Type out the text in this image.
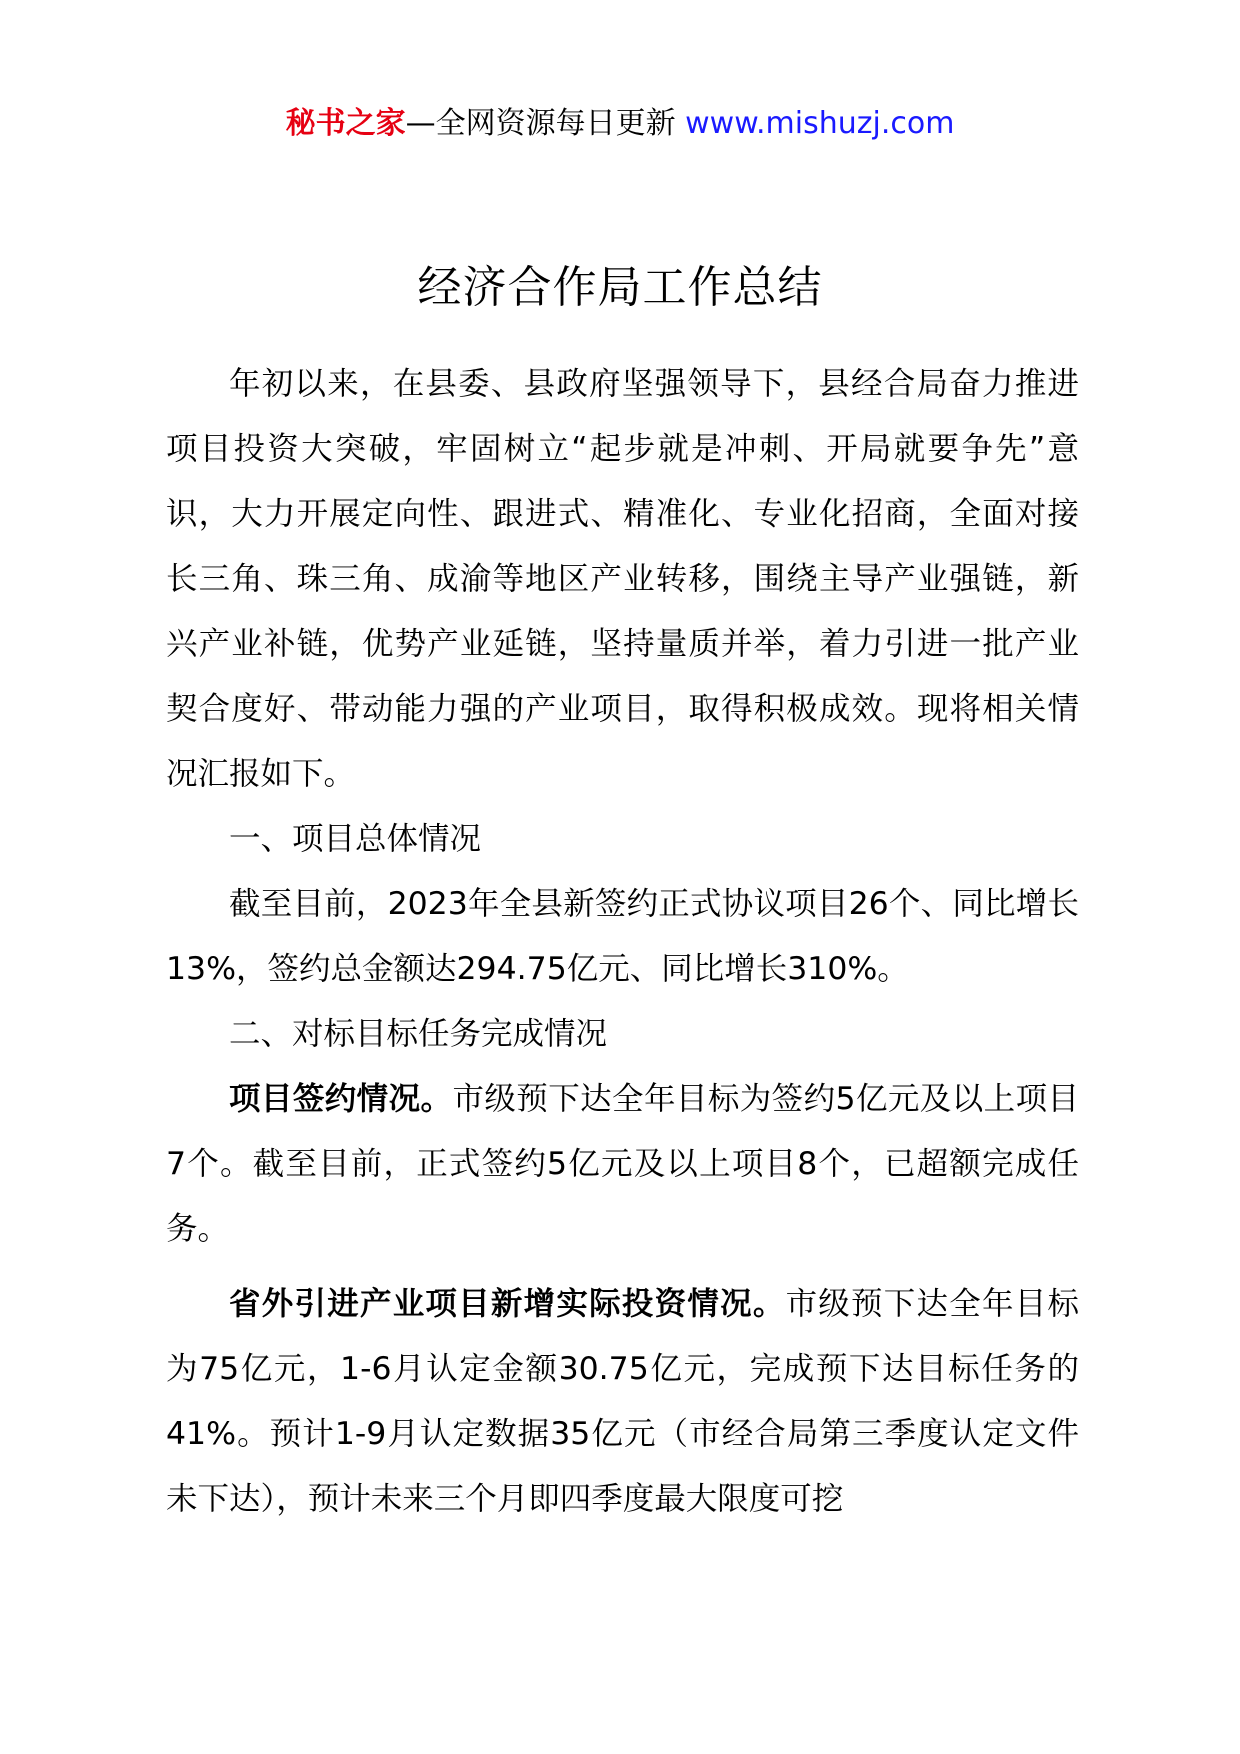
秘书之家—全网资源每日更新 www.mishuzj.com
经济合作局工作总结

年初以来，在县委、县政府坚强领导下，县经合局奋力推进项目投资大突破，牢固树立“起步就是冲刺、开局就要争先”意识，大力开展定向性、跟进式、精准化、专业化招商，全面对接长三角、珠三角、成渝等地区产业转移，围绕主导产业强链，新兴产业补链，优势产业延链，坚持量质并举，着力引进一批产业契合度好、带动能力强的产业项目，取得积极成效。现将相关情况汇报如下。

一、项目总体情况

截至目前，2023年全县新签约正式协议项目26个、同比增长13%，签约总金额达294.75亿元、同比增长310%。

二、对标目标任务完成情况

项目签约情况。市级预下达全年目标为签约5亿元及以上项目7个。截至目前，正式签约5亿元及以上项目8个，已超额完成任务。

省外引进产业项目新增实际投资情况。市级预下达全年目标为75亿元，1-6月认定金额30.75亿元，完成预下达目标任务的41%。预计1-9月认定数据35亿元（市经合局第三季度认定文件未下达），预计未来三个月即四季度最大限度可挖
